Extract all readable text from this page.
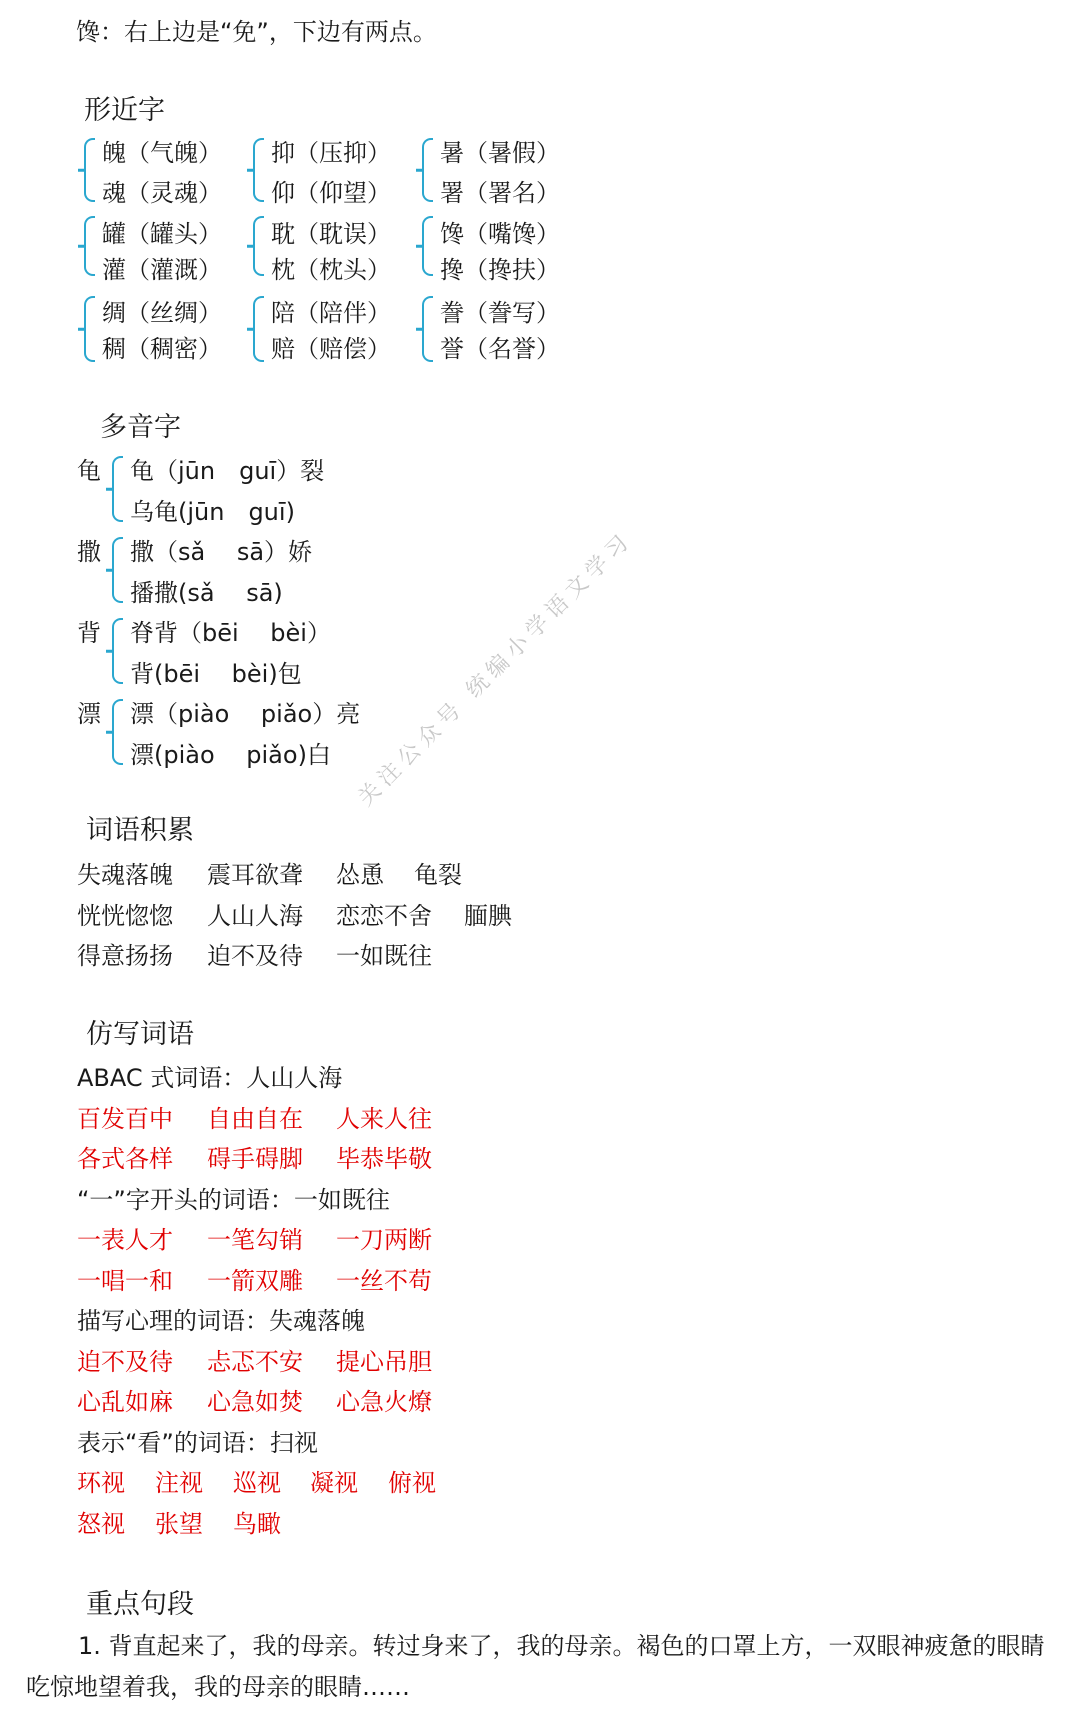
馋：右上边是“免”，下边有两点。
形近字
魄（气魄）
魂（灵魂）
抑（压抑）
仰（仰望）
暑（暑假）
署（署名）
罐（罐头）
灌（灌溉）
耽（耽误）
枕（枕头）
馋（嘴馋）
搀（搀扶）
绸（丝绸）
稠（稠密）
陪（陪伴）
赔（赔偿）
誊（誊写）
誉（名誉）
多音字
龟 龟（jūn　guī）裂
乌龟(jūn　guī)
撒 撒（sǎ　 sā）娇
播撒(sǎ　 sā)
背 脊背（bēi　 bèi）
背(bēi　 bèi)包
漂 漂（piào　 piǎo）亮
漂(piào　 piǎo)白
词语积累
失魂落魄 震耳欲聋 怂恿 龟裂
恍恍惚惚 人山人海 恋恋不舍 腼腆
得意扬扬 迫不及待 一如既往
仿写词语
ABAC 式词语：人山人海
百发百中 自由自在 人来人往
各式各样 碍手碍脚 毕恭毕敬
“一”字开头的词语：一如既往
一表人才 一笔勾销 一刀两断
一唱一和 一箭双雕 一丝不苟
描写心理的词语：失魂落魄
迫不及待 忐忑不安 提心吊胆
心乱如麻 心急如焚 心急火燎
表示“看”的词语：扫视
环视 注视 巡视 凝视 俯视
怒视 张望 鸟瞰
重点句段
1. 背直起来了，我的母亲。转过身来了，我的母亲。褐色的口罩上方，一双眼神疲惫的眼睛吃惊地望着我，我的母亲的眼睛……
关注公众号 统编小学语文学习
